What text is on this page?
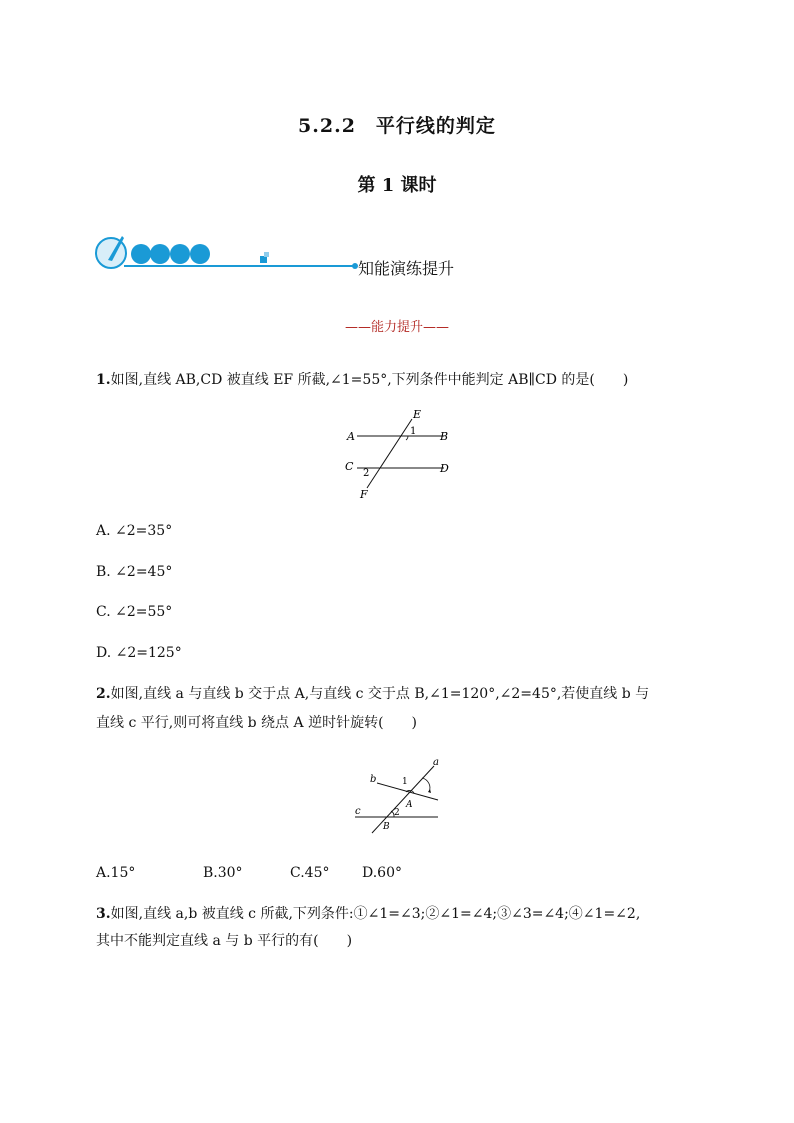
5.2.2　平行线的判定
第 1 课时
知能演练提升
——能力提升——
1.如图,直线 AB,CD 被直线 EF 所截,∠1=55°,下列条件中能判定 AB∥CD 的是(　　)
E
A	B
1
C	D
2
F
A. ∠2=35°
B. ∠2=45°
C. ∠2=55°
D. ∠2=125°
2.如图,直线 a 与直线 b 交于点 A,与直线 c 交于点 B,∠1=120°,∠2=45°,若使直线 b 与
直线 c 平行,则可将直线 b 绕点 A 逆时针旋转(　　)
a
b	1
A
c	2
B
A.15°	B.30°	C.45° D.60°
3.如图,直线 a,b 被直线 c 所截,下列条件:①∠1=∠3;②∠1=∠4;③∠3=∠4;④∠1=∠2,
其中不能判定直线 a 与 b 平行的有(　　)
